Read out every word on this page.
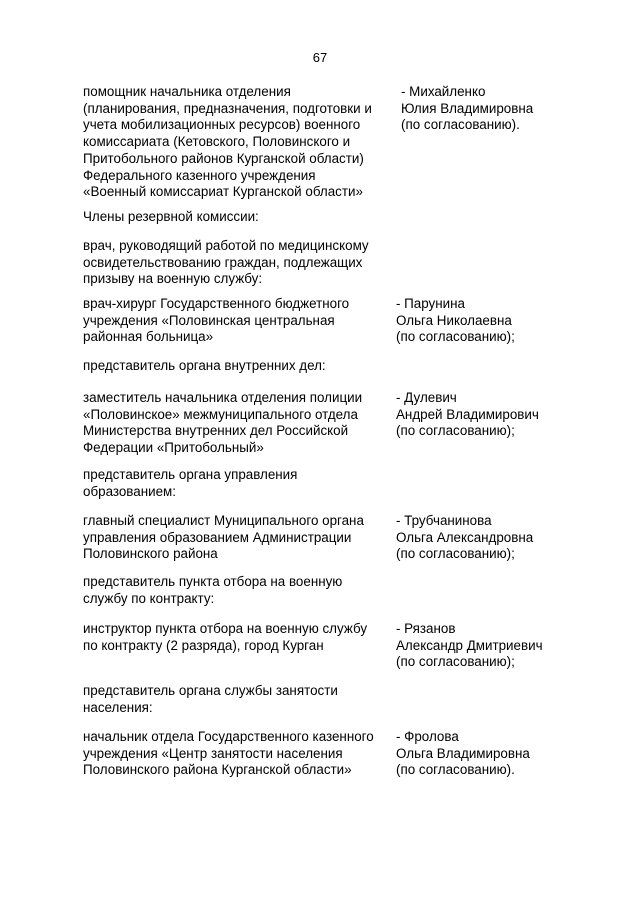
67
помощник начальника отделения
(планирования, предназначения, подготовки и
учета мобилизационных ресурсов) военного
комиссариата (Кетовского, Половинского и
Притобольного районов Курганской области)
Федерального казенного учреждения
«Военный комиссариат Курганской области»
- Михайленко
Юлия Владимировна
(по согласованию).
Члены резервной комиссии:
врач, руководящий работой по медицинскому
освидетельствованию граждан, подлежащих
призыву на военную службу:
врач-хирург Государственного бюджетного
учреждения «Половинская центральная
районная больница»
- Парунина
Ольга Николаевна
(по согласованию);
представитель органа внутренних дел:
заместитель начальника отделения полиции
«Половинское» межмуниципального отдела
Министерства внутренних дел Российской
Федерации «Притобольный»
- Дулевич
Андрей Владимирович
(по согласованию);
представитель органа управления
образованием:
главный специалист Муниципального органа
управления образованием Администрации
Половинского района
- Трубчанинова
Ольга Александровна
(по согласованию);
представитель пункта отбора на военную
службу по контракту:
инструктор пункта отбора на военную службу
по контракту (2 разряда), город Курган
- Рязанов
Александр Дмитриевич
(по согласованию);
представитель органа службы занятости
населения:
начальник отдела Государственного казенного
учреждения «Центр занятости населения
Половинского района Курганской области»
- Фролова
Ольга Владимировна
(по согласованию).
